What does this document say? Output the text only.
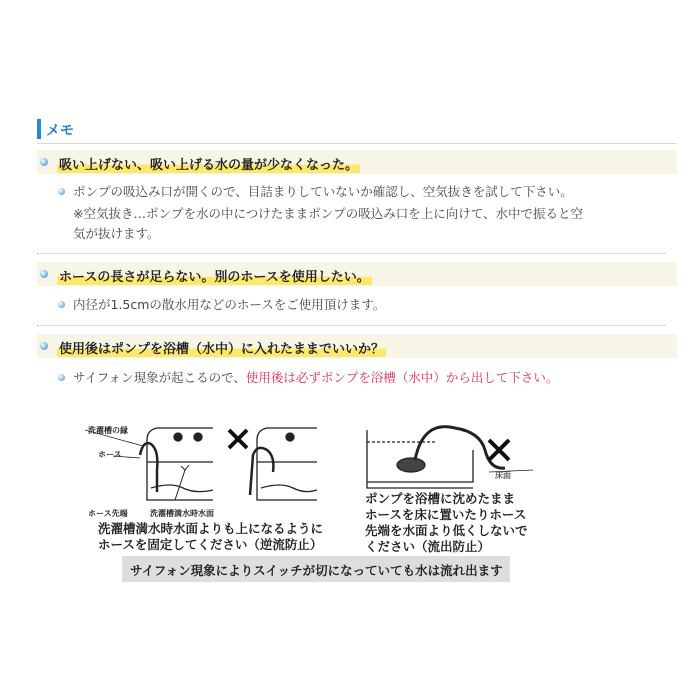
メモ
吸い上げない、吸い上げる水の量が少なくなった。
ポンプの吸込み口が開くので、目詰まりしていないか確認し、空気抜きを試して下さい。
※空気抜き…ポンプを水の中につけたままポンプの吸込み口を上に向けて、水中で振ると空
気が抜けます。
ホースの長さが足らない。別のホースを使用したい。
内径が1.5cmの散水用などのホースをご使用頂けます。
使用後はポンプを浴槽（水中）に入れたままでいいか？
サイフォン現象が起こるので、使用後は必ずポンプを浴槽（水中）から出して下さい。
洗濯槽の縁
ホース
ホース先端	洗濯槽満水時水面
床面
洗濯槽満水時水面よりも上になるように
ホースを固定してください（逆流防止）
ポンプを浴槽に沈めたまま
ホースを床に置いたりホース
先端を水面より低くしないで
ください（流出防止）
サイフォン現象によりスイッチが切になっていても水は流れ出ます
